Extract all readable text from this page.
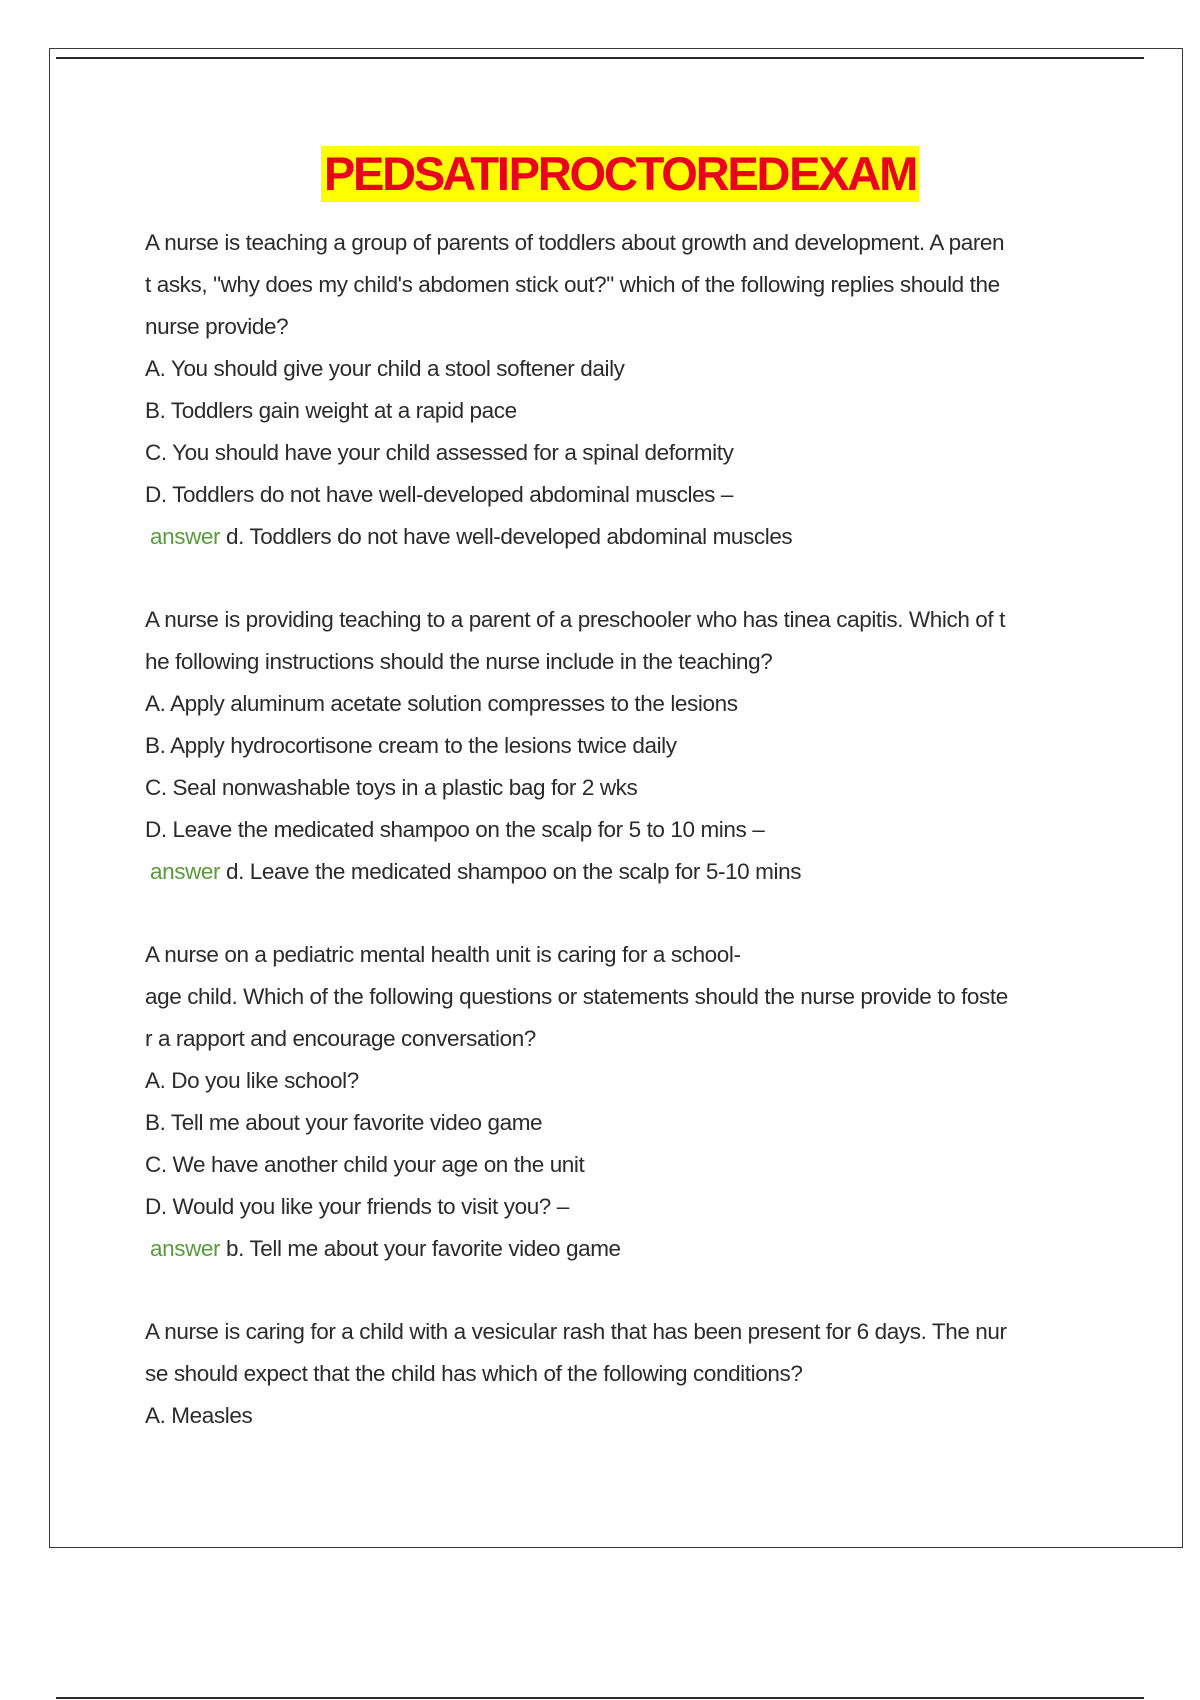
PEDS ATI PROCTORED EXAM
A nurse is teaching a group of parents of toddlers about growth and development. A paren
t asks, "why does my child's abdomen stick out?" which of the following replies should the
nurse provide?
A. You should give your child a stool softener daily
B. Toddlers gain weight at a rapid pace
C. You should have your child assessed for a spinal deformity
D. Toddlers do not have well-developed abdominal muscles –
answer d. Toddlers do not have well-developed abdominal muscles
A nurse is providing teaching to a parent of a preschooler who has tinea capitis. Which of t
he following instructions should the nurse include in the teaching?
A. Apply aluminum acetate solution compresses to the lesions
B. Apply hydrocortisone cream to the lesions twice daily
C. Seal nonwashable toys in a plastic bag for 2 wks
D. Leave the medicated shampoo on the scalp for 5 to 10 mins –
answer d. Leave the medicated shampoo on the scalp for 5-10 mins
A nurse on a pediatric mental health unit is caring for a school-
age child. Which of the following questions or statements should the nurse provide to foste
r a rapport and encourage conversation?
A. Do you like school?
B. Tell me about your favorite video game
C. We have another child your age on the unit
D. Would you like your friends to visit you? –
answer b. Tell me about your favorite video game
A nurse is caring for a child with a vesicular rash that has been present for 6 days. The nur
se should expect that the child has which of the following conditions?
A. Measles
